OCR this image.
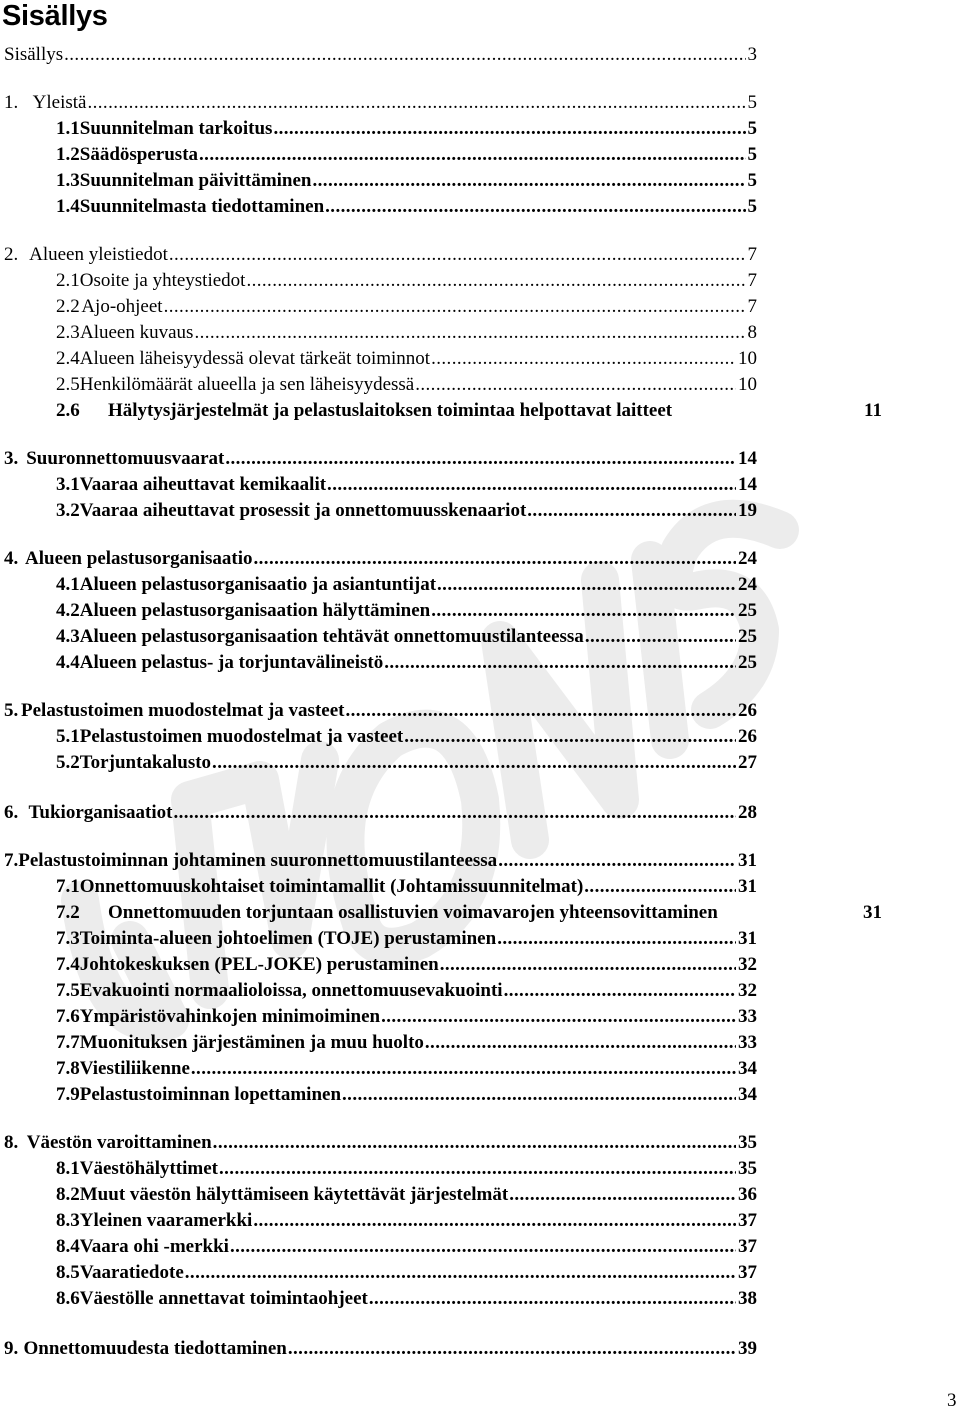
Sisällys
Sisällys .....	3
1. Yleistä .....	5
1.1 Suunnitelman tarkoitus .....	5
1.2 Säädösperusta .....	5
1.3 Suunnitelman päivittäminen .....	5
1.4 Suunnitelmasta tiedottaminen .....	5
2. Alueen yleistiedot .....	7
2.1 Osoite ja yhteystiedot .....	7
2.2 Ajo-ohjeet .....	7
2.3 Alueen kuvaus .....	8
2.4 Alueen läheisyydessä olevat tärkeät toiminnot .....	10
2.5 Henkilömäärät alueella ja sen läheisyydessä .....	10
2.6	Hälytysjärjestelmät ja pelastuslaitoksen toimintaa helpottavat laitteet	11
3. Suuronnettomuusvaarat .....	14
3.1 Vaaraa aiheuttavat kemikaalit .....	14
3.2 Vaaraa aiheuttavat prosessit ja onnettomuusskenaariot .....	19
4. Alueen pelastusorganisaatio .....	24
4.1 Alueen pelastusorganisaatio ja asiantuntijat .....	24
4.2 Alueen pelastusorganisaation hälyttäminen .....	25
4.3 Alueen pelastusorganisaation tehtävät onnettomuustilanteessa .....	25
4.4 Alueen pelastus- ja torjuntavälineistö .....	25
5. Pelastustoimen muodostelmat ja vasteet .....	26
5.1 Pelastustoimen muodostelmat ja vasteet .....	26
5.2 Torjuntakalusto .....	27
6. Tukiorganisaatiot .....	28
7. Pelastustoiminnan johtaminen suuronnettomuustilanteessa .....	31
7.1 Onnettomuuskohtaiset toimintamallit (Johtamissuunnitelmat) .....	31
7.2	Onnettomuuden torjuntaan osallistuvien voimavarojen yhteensovittaminen	31
7.3 Toiminta-alueen johtoelimen (TOJE) perustaminen .....	31
7.4 Johtokeskuksen (PEL-JOKE) perustaminen .....	32
7.5 Evakuointi normaalioloissa, onnettomuusevakuointi .....	32
7.6 Ympäristövahinkojen minimoiminen .....	33
7.7 Muonituksen järjestäminen ja muu huolto .....	33
7.8 Viestiliikenne .....	34
7.9 Pelastustoiminnan lopettaminen .....	34
8. Väestön varoittaminen .....	35
8.1 Väestöhälyttimet .....	35
8.2 Muut väestön hälyttämiseen käytettävät järjestelmät .....	36
8.3 Yleinen vaaramerkki .....	37
8.4 Vaara ohi -merkki .....	37
8.5 Vaaratiedote .....	37
8.6 Väestölle annettavat toimintaohjeet .....	38
9. Onnettomuudesta tiedottaminen .....	39
3
